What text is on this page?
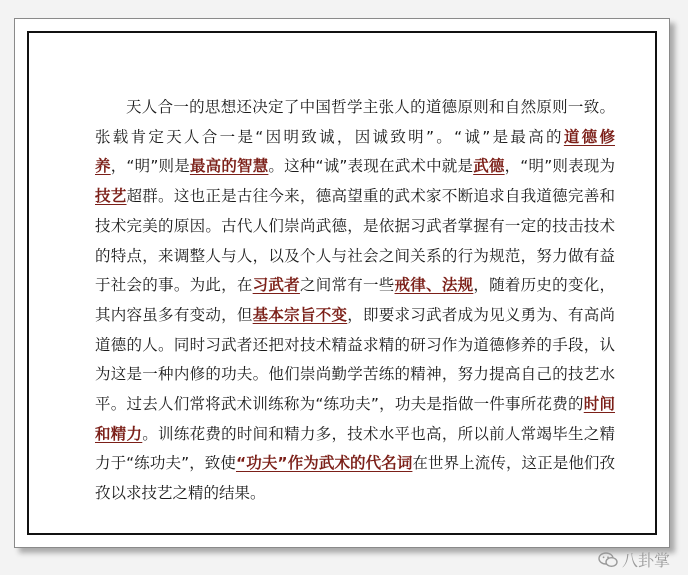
天人合一的思想还决定了中国哲学主张人的道德原则和自然原则一致。张载肯定天人合一是“因明致诚，因诚致明”。“诚”是最高的道德修养，“明”则是最高的智慧。这种“诚”表现在武术中就是武德，“明”则表现为技艺超群。这也正是古往今来，德高望重的武术家不断追求自我道德完善和技术完美的原因。古代人们崇尚武德，是依据习武者掌握有一定的技击技术的特点，来调整人与人，以及个人与社会之间关系的行为规范，努力做有益于社会的事。为此，在习武者之间常有一些戒律、法规，随着历史的变化，其内容虽多有变动，但基本宗旨不变，即要求习武者成为见义勇为、有高尚道德的人。同时习武者还把对技术精益求精的研习作为道德修养的手段，认为这是一种内修的功夫。他们崇尚勤学苦练的精神，努力提高自己的技艺水平。过去人们常将武术训练称为“练功夫”，功夫是指做一件事所花费的时间和精力。训练花费的时间和精力多，技术水平也高，所以前人常竭毕生之精力于“练功夫”，致使“功夫”作为武术的代名词在世界上流传，这正是他们孜孜以求技艺之精的结果。

八卦掌
